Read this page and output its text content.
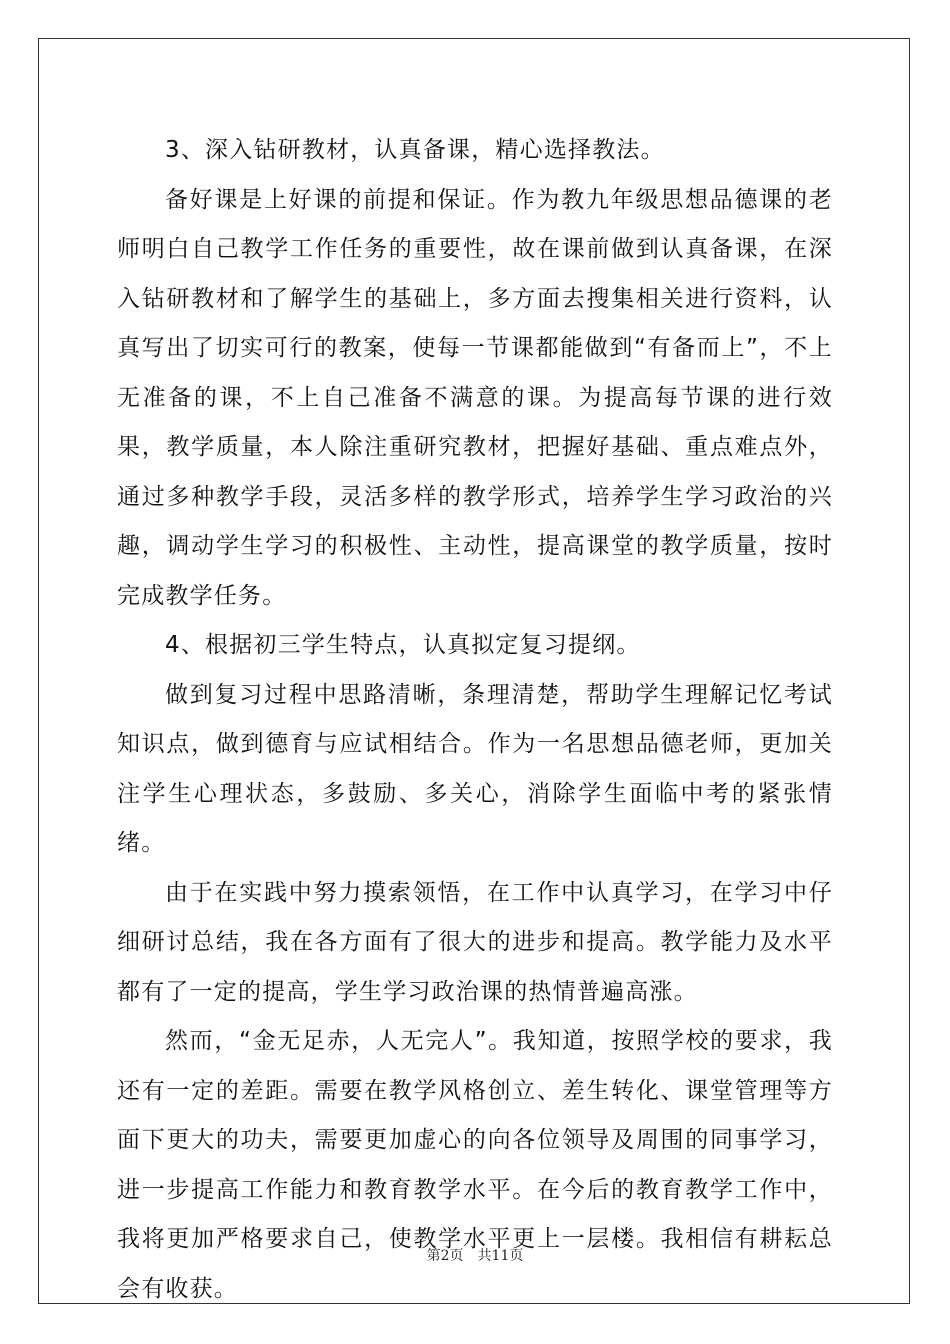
3、深入钻研教材，认真备课，精心选择教法。

备好课是上好课的前提和保证。作为教九年级思想品德课的老师明白自己教学工作任务的重要性，故在课前做到认真备课，在深入钻研教材和了解学生的基础上，多方面去搜集相关进行资料，认真写出了切实可行的教案，使每一节课都能做到“有备而上”，不上无准备的课，不上自己准备不满意的课。为提高每节课的进行效果，教学质量，本人除注重研究教材，把握好基础、重点难点外，通过多种教学手段，灵活多样的教学形式，培养学生学习政治的兴趣，调动学生学习的积极性、主动性，提高课堂的教学质量，按时完成教学任务。

4、根据初三学生特点，认真拟定复习提纲。

做到复习过程中思路清晰，条理清楚，帮助学生理解记忆考试知识点，做到德育与应试相结合。作为一名思想品德老师，更加关注学生心理状态，多鼓励、多关心，消除学生面临中考的紧张情绪。

由于在实践中努力摸索领悟，在工作中认真学习，在学习中仔细研讨总结，我在各方面有了很大的进步和提高。教学能力及水平都有了一定的提高，学生学习政治课的热情普遍高涨。

然而，“金无足赤，人无完人”。我知道，按照学校的要求，我还有一定的差距。需要在教学风格创立、差生转化、课堂管理等方面下更大的功夫，需要更加虚心的向各位领导及周围的同事学习，进一步提高工作能力和教育教学水平。在今后的教育教学工作中，我将更加严格要求自己，使教学水平更上一层楼。我相信有耕耘总会有收获。

第2页 共11页
